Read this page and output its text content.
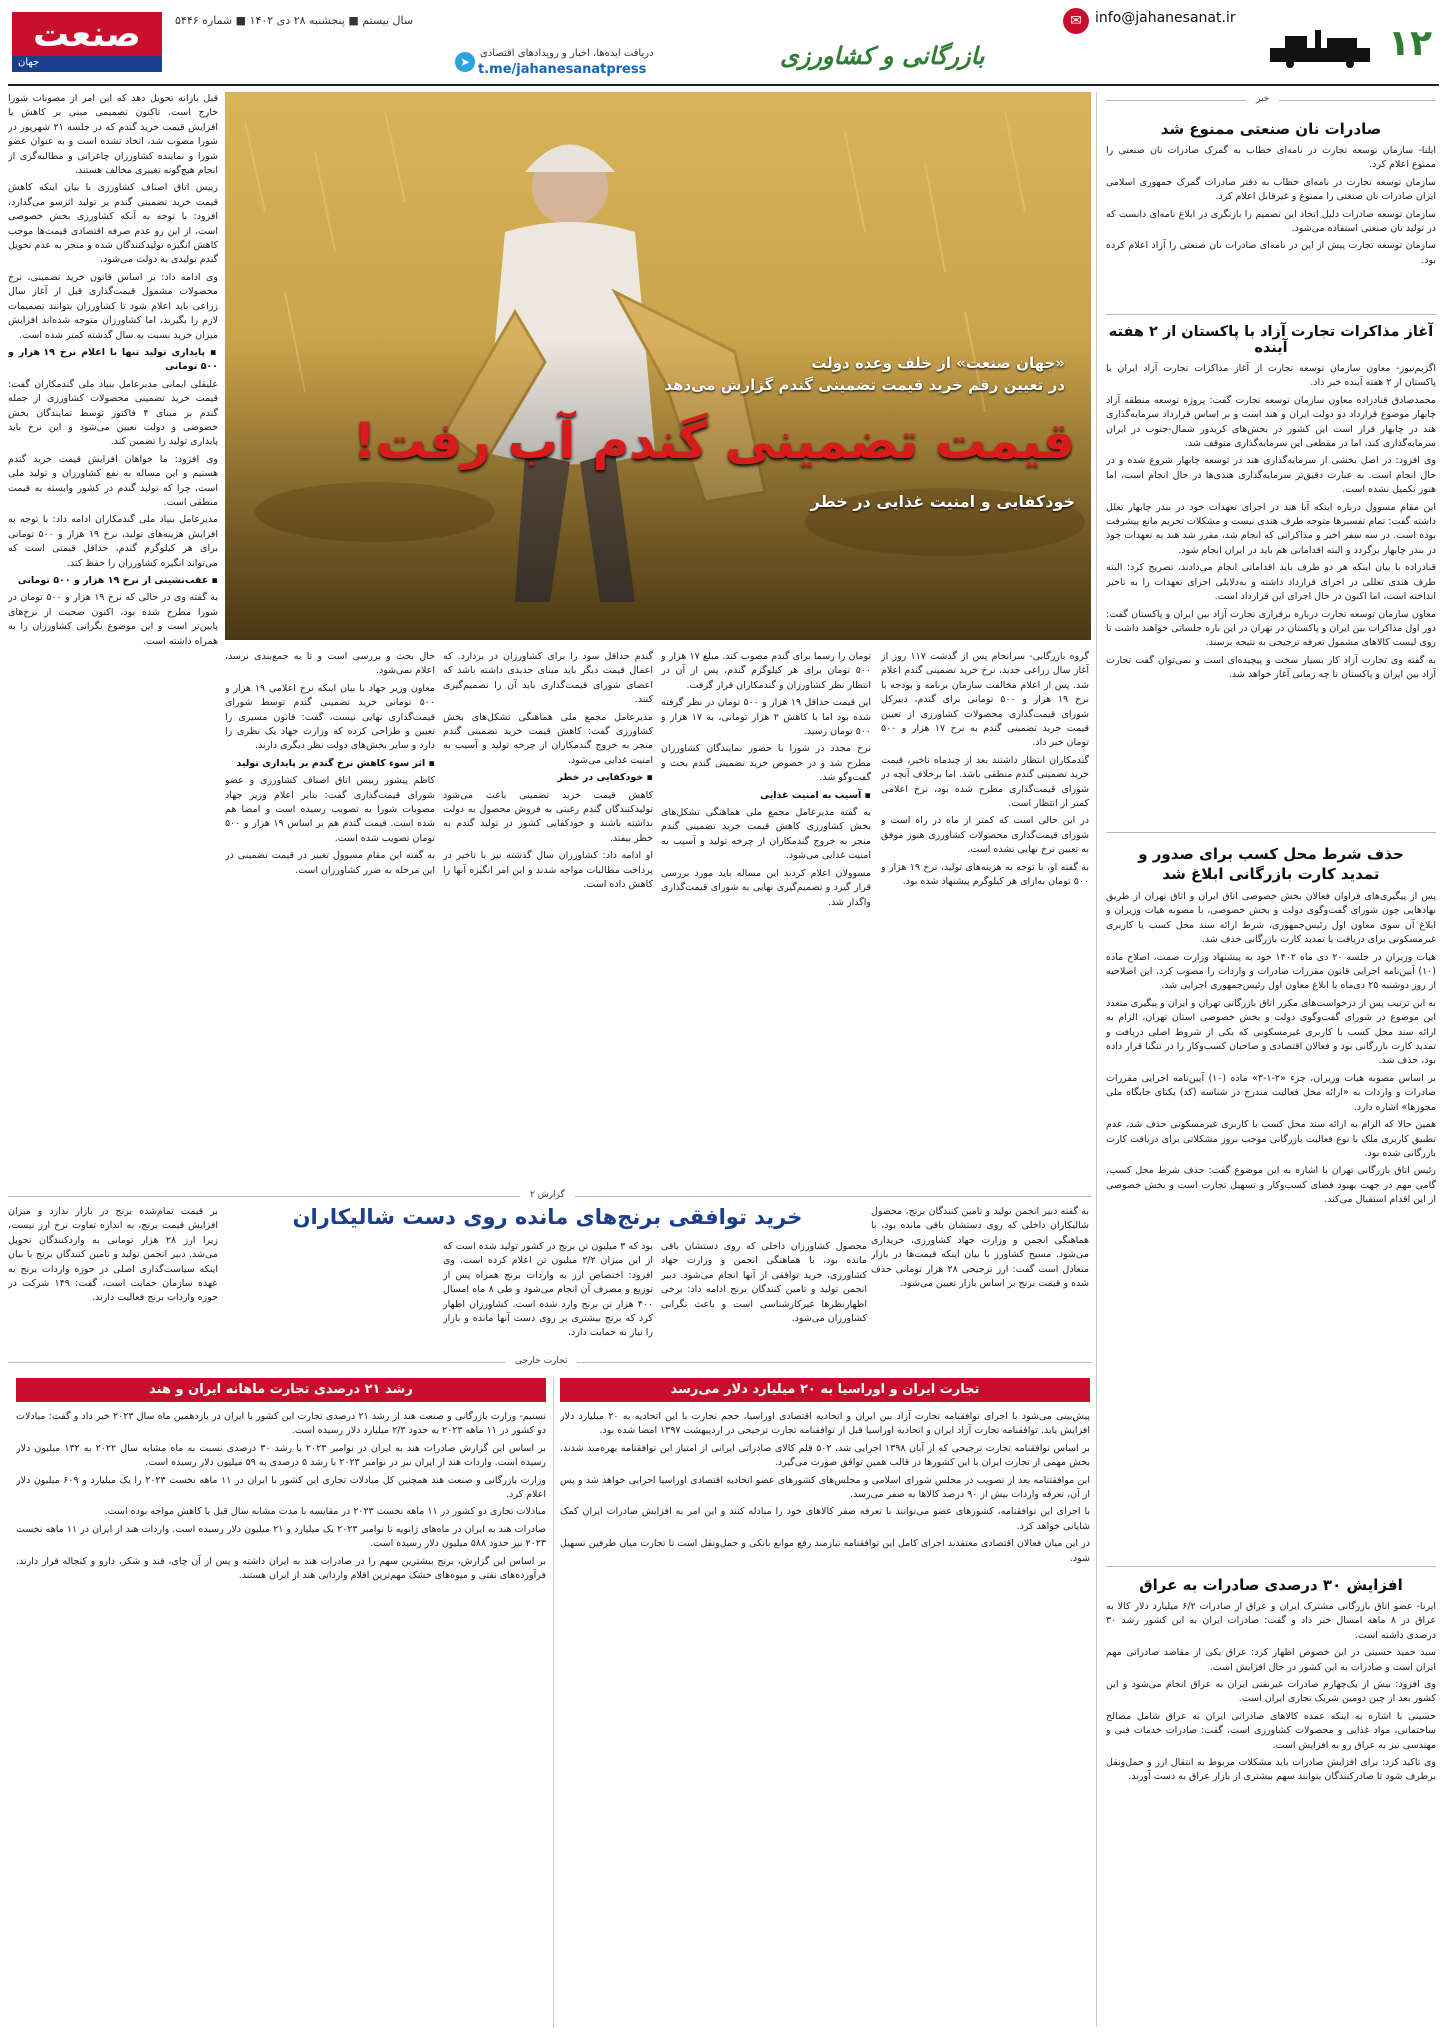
صنعت
جهان
سال بیستم ■ پنجشنبه ۲۸ دی ۱۴۰۲ ■ شماره ۵۴۴۶
دریافت ایده‌ها، اخبار و رویدادهای اقتصادی
t.me/jahanesanatpress
➤	بازرگانی و کشاورزی
✉ info@jahanesanat.ir
۱۲
خبر
صادرات نان صنعتی ممنوع شد

ایلنا- سازمان توسعه تجارت در نامه‌ای خطاب به گمرک صادرات نان صنعتی را ممنوع اعلام کرد.

سازمان توسعه تجارت در نامه‌ای خطاب به دفتر صادرات گمرک جمهوری اسلامی ایران صادرات نان صنعتی را ممنوع و غیرقابل اعلام کرد.

سازمان توسعه صادرات دلیل اتخاذ این تصمیم را بازنگری در ابلاغ نامه‌ای دانست که در تولید نان صنعتی استفاده می‌شود.

سازمان توسعه تجارت پیش از این در نامه‌ای صادرات نان صنعتی را آزاد اعلام کرده بود.

آغاز مذاکرات تجارت آزاد با پاکستان از ۲ هفته آینده

اگزیم‌نیوز- معاون سازمان توسعه تجارت از آغاز مذاکرات تجارت آزاد ایران با پاکستان از ۲ هفته آینده خبر داد.

محمدصادق قنادزاده معاون سازمان توسعه تجارت گفت: پروژه توسعه منطقه آزاد چابهار موضوع قرارداد دو دولت ایران و هند است و بر اساس قرارداد سرمایه‌گذاری هند در چابهار قرار است این کشور در بخش‌های کریدور شمال-جنوب در ایران سرمایه‌گذاری کند، اما در مقطعی این سرمایه‌گذاری متوقف شد.

وی افزود: در اصل بخشی از سرمایه‌گذاری هند در توسعه چابهار شروع شده و در حال انجام است. به عبارت دقیق‌تر سرمایه‌گذاری هندی‌ها در حال انجام است، اما هنوز تکمیل نشده است.

این مقام مسوول درباره اینکه آیا هند در اجرای تعهدات خود در بندر چابهار تعلل داشته گفت: تمام تفسیرها متوجه طرف هندی نیست و مشکلات تحریم مانع پیشرفت بوده است. در سه سفر اخیر و مذاکراتی که انجام شد، مقرر شد هند به تعهدات خود در بندر چابهار برگردد و البته اقداماتی هم باید در ایران انجام شود.

قنادزاده با بیان اینکه هر دو طرف باید اقداماتی انجام می‌دادند، تصریح کرد: البته طرف هندی تعللی در اجرای قرارداد داشته و به‌دلایلی اجرای تعهدات را به تاخیر انداخته است، اما اکنون در حال اجرای این قرارداد است.

معاون سازمان توسعه تجارت درباره برقراری تجارت آزاد بین ایران و پاکستان گفت: دور اول مذاکرات بین ایران و پاکستان در تهران در این باره جلساتی خواهند داشت تا روی لیست کالاهای مشمول تعرفه ترجیحی به نتیجه برسند.

به گفته وی تجارت آزاد کار بسیار سخت و پیچیده‌ای است و نمی‌توان گفت تجارت آزاد بین ایران و پاکستان تا چه زمانی آغاز خواهد شد.

حذف شرط محل کسب برای صدور و تمدید کارت بازرگانی ابلاغ شد

پس از پیگیری‌های فراوان فعالان بخش خصوصی اتاق ایران و اتاق تهران از طریق نهادهایی چون شورای گفت‌وگوی دولت و بخش خصوصی، با مصوبه هیات وزیران و ابلاغ آن سوی معاون اول رئیس‌جمهوری، شرط ارائه سند محل کسب یا کاربری غیرمسکونی برای دریافت یا تمدید کارت بازرگانی حذف شد.

هیات وزیران در جلسه ۲۰ دی ماه ۱۴۰۲ خود به پیشنهاد وزارت صمت، اصلاح ماده (۱۰) آیین‌نامه اجرایی قانون مقررات صادرات و واردات را مصوب کرد. این اصلاحیه از روز دوشنبه ۲۵ دی‌ماه با ابلاغ معاون اول رئیس‌جمهوری اجرایی شد.

به این ترتیب پس از درخواست‌های مکرر اتاق بازرگانی تهران و ایران و پیگیری متعدد این موضوع در شورای گفت‌وگوی دولت و بخش خصوصی استان تهران، الزام به ارائه سند محل کسب با کاربری غیرمسکونی که یکی از شروط اصلی دریافت و تمدید کارت بازرگانی بود و فعالان اقتصادی و صاحبان کسب‌وکار را در تنگنا قرار داده بود، حذف شد.

بر اساس مصوبه هیات وزیران، جزء «۲-۱-۳» ماده (۱۰) آیین‌نامه اجرایی مقررات صادرات و واردات به «ارائه محل فعالیت مندرج در شناسه (کد) یکتای جایگاه ملی مجوزها» اشاره دارد.

همین حالا که الزام به ارائه سند محل کسب با کاربری غیرمسکونی حذف شد، عدم تطبیق کاربری ملک با نوع فعالیت بازرگانی موجب بروز مشکلاتی برای دریافت کارت بازرگانی شده بود.

رئیس اتاق بازرگانی تهران با اشاره به این موضوع گفت: حذف شرط محل کسب، گامی مهم در جهت بهبود فضای کسب‌وکار و تسهیل تجارت است و بخش خصوصی از این اقدام استقبال می‌کند.

افزایش ۳۰ درصدی صادرات به عراق

ایرنا- عضو اتاق بازرگانی مشترک ایران و عراق از صادرات ۶/۲ میلیارد دلار کالا به عراق در ۸ ماهه امسال خبر داد و گفت: صادرات ایران به این کشور رشد ۳۰ درصدی داشته است.

سید حمید حسینی در این خصوص اظهار کرد: عراق یکی از مقاصد صادراتی مهم ایران است و صادرات به این کشور در حال افزایش است.

وی افزود: بیش از یک‌چهارم صادرات غیرنفتی ایران به عراق انجام می‌شود و این کشور بعد از چین دومین شریک تجاری ایران است.

حسینی با اشاره به اینکه عمده کالاهای صادراتی ایران به عراق شامل مصالح ساختمانی، مواد غذایی و محصولات کشاورزی است، گفت: صادرات خدمات فنی و مهندسی نیز به عراق رو به افزایش است.

وی تاکید کرد: برای افزایش صادرات باید مشکلات مربوط به انتقال ارز و حمل‌ونقل برطرف شود تا صادرکنندگان بتوانند سهم بیشتری از بازار عراق به دست آورند.

«جهان صنعت» از خلف وعده دولت
در تعیین رقم خرید قیمت تضمینی گندم گزارش می‌دهد
قیمت تضمینی گندم آب رفت!
خودکفایی و امنیت غذایی در خطر

قبل بازانه تحویل دهد که این امر از مصوبات شورا خارج است. تاکنون تصمیمی مبنی بر کاهش یا افزایش قیمت خرید گندم که در جلسه ۲۱ شهریور در شورا مصوب شد، اتخاذ نشده است و به عنوان عضو شورا و نماینده کشاورزان چاغرانی و مطالبه‌گری از انجام هیچ‌گونه تغییری مخالف هستند.

رییس اتاق اصناف کشاورزی با بیان اینکه کاهش قیمت خرید تضمینی گندم بر تولید اثرسو می‌گذارد، افزود: با توجه به آنکه کشاورزی بخش خصوصی است، از این رو عدم صرفه اقتصادی قیمت‌ها موجب کاهش انگیزه تولیدکنندگان شده و منجر به عدم تحویل گندم تولیدی به دولت می‌شود.

وی ادامه داد: بر اساس قانون خرید تضمینی، نرخ محصولات مشمول قیمت‌گذاری قبل از آغاز سال زراعی باید اعلام شود تا کشاورزان بتوانند تصمیمات لازم را بگیرند، اما کشاورزان متوجه شده‌اند افزایش میزان خرید نسبت به سال گذشته کمتر شده است.

▪ پایداری تولید تنها با اعلام نرخ ۱۹ هزار و ۵۰۰ تومانی

علیقلی ایمانی مدیرعامل بنیاد ملی گندمکاران گفت: قیمت خرید تضمینی محصولات کشاورزی از جمله گندم بر مبنای ۴ فاکتور توسط نمایندگان بخش خصوصی و دولت تعیین می‌شود و این نرخ باید پایداری تولید را تضمین کند.

وی افزود: ما خواهان افزایش قیمت خرید گندم هستیم و این مساله به نفع کشاورزان و تولید ملی است، چرا که تولید گندم در کشور وابسته به قیمت منطقی است.

مدیرعامل بنیاد ملی گندمکاران ادامه داد: با توجه به افزایش هزینه‌های تولید، نرخ ۱۹ هزار و ۵۰۰ تومانی برای هر کیلوگرم گندم، حداقل قیمتی است که می‌تواند انگیزه کشاورزان را حفظ کند.

▪ عقب‌نشینی از نرخ ۱۹ هزار و ۵۰۰ تومانی

به گفته وی در حالی که نرخ ۱۹ هزار و ۵۰۰ تومان در شورا مطرح شده بود، اکنون صحبت از نرخ‌های پایین‌تر است و این موضوع نگرانی کشاورزان را به همراه داشته است.

گروه بازرگانی- سرانجام پس از گذشت ۱۱۷ روز از آغاز سال زراعی جدید، نرخ خرید تضمینی گندم اعلام شد. پس از اعلام مخالفت سازمان برنامه و بودجه با نرخ ۱۹ هزار و ۵۰۰ تومانی برای گندم، دبیرکل شورای قیمت‌گذاری محصولات کشاورزی از تعیین قیمت خرید تضمینی گندم به نرخ ۱۷ هزار و ۵۰۰ تومان خبر داد.

گندمکاران انتظار داشتند بعد از چندماه تاخیر، قیمت خرید تضمینی گندم منطقی باشد. اما برخلاف آنچه در شورای قیمت‌گذاری مطرح شده بود، نرخ اعلامی کمتر از انتظار است.

در این حالی است که کمتر از ماه در راه است و شورای قیمت‌گذاری محصولات کشاورزی هنوز موفق به تعیین نرخ نهایی نشده است.

به گفته او، با توجه به هزینه‌های تولید، نرخ ۱۹ هزار و ۵۰۰ تومان به‌ازای هر کیلوگرم پیشنهاد شده بود.

تومان را رسما برای گندم مصوب کند. مبلغ ۱۷ هزار و ۵۰۰ تومان برای هر کیلوگرم گندم، پس از آن در انتظار نظر کشاورزان و گندمکاران قرار گرفت.

این قیمت حداقل ۱۹ هزار و ۵۰۰ تومان در نظر گرفته شده بود اما با کاهش ۲ هزار تومانی، به ۱۷ هزار و ۵۰۰ تومان رسید.

نرخ مجدد در شورا با حضور نمایندگان کشاورزان مطرح شد و در خصوص خرید تضمینی گندم بحث و گفت‌وگو شد.

▪ آسیب به امنیت غذایی

به گفته مدیرعامل مجمع ملی هماهنگی تشکل‌های بخش کشاورزی کاهش قیمت خرید تضمینی گندم منجر به خروج گندمکاران از چرخه تولید و آسیب به امنیت غذایی می‌شود.

مسوولان اعلام کردند این مساله باید مورد بررسی قرار گیرد و تصمیم‌گیری نهایی به شورای قیمت‌گذاری واگذار شد.

گندم حداقل سود را برای کشاورزان در بردارد. که اعمال قیمت دیگر باید مبنای جدیدی داشته باشد که اعضای شورای قیمت‌گذاری باید آن را تصمیم‌گیری کنند.

مدیرعامل مجمع ملی هماهنگی تشکل‌های بخش کشاورزی گفت: کاهش قیمت خرید تضمینی گندم منجر به خروج گندمکاران از چرخه تولید و آسیب به امنیت غذایی می‌شود.

▪ خودکفایی در خطر

کاهش قیمت خرید تضمینی باعث می‌شود تولیدکنندگان گندم رغبتی به فروش محصول به دولت نداشته باشند و خودکفایی کشور در تولید گندم به خطر بیفتد.

او ادامه داد: کشاورزان سال گذشته نیز با تاخیر در پرداخت مطالبات مواجه شدند و این امر انگیزه آنها را کاهش داده است.

حال بحث و بررسی است و تا به جمع‌بندی نرسد، اعلام نمی‌شود.

معاون وزیر جهاد با بیان اینکه نرخ اعلامی ۱۹ هزار و ۵۰۰ تومانی خرید تضمینی گندم توسط شورای قیمت‌گذاری نهایی نیست، گفت: قانون مسیری را تعیین و طراحی کرده که وزارت جهاد یک نظری را دارد و سایر بخش‌های دولت نظر دیگری دارند.

▪ اثر سوء کاهش نرخ گندم بر پایداری تولید

کاظم پیشور رییس اتاق اصناف کشاورزی و عضو شورای قیمت‌گذاری گفت: بنابر اعلام وزیر جهاد مصوبات شورا به تصویب رسیده است و امضا هم شده است. قیمت گندم هم بر اساس ۱۹ هزار و ۵۰۰ تومان تصویب شده است.

به گفته این مقام مسوول تغییر در قیمت تضمینی در این مرحله به ضرر کشاورزان است.

گزارش ۲
خرید توافقی برنج‌های مانده روی دست شالیکاران	به گفته دبیر انجمن تولید و تامین کنندگان برنج، محصول شالیکاران داخلی که روی دستشان باقی مانده بود، با هماهنگی انجمن و وزارت جهاد کشاورزی، خریداری می‌شود. مسیح کشاورز با بیان اینکه قیمت‌ها در بازار متعادل است گفت: ارز ترجیحی ۲۸ هزار تومانی حذف شده و قیمت برنج بر اساس بازار تعیین می‌شود.

محصول کشاورزان داخلی که روی دستشان باقی مانده بود، با هماهنگی انجمن و وزارت جهاد کشاورزی، خرید توافقی از آنها انجام می‌شود. دبیر انجمن تولید و تامین کنندگان برنج ادامه داد: برخی اظهارنظرها غیرکارشناسی است و باعث نگرانی کشاورزان می‌شود.

بود که ۳ میلیون تن برنج در کشور تولید شده است که از این میزان ۲/۲ میلیون تن اعلام کرده است. وی افزود: اختصاص ارز به واردات برنج همراه پس از توزیع و مصرف آن انجام می‌شود و طی ۸ ماه امسال ۴۰۰ هزار تن برنج وارد شده است. کشاورزان اظهار کرد که برنج بیشتری بر روی دست آنها مانده و بازار را نیاز به حمایت دارد.

بر قیمت تمام‌شده برنج در بازار ندارد و میزان افزایش قیمت برنج، به اندازه تفاوت نرخ ارز نیست، زیرا ارز ۲۸ هزار تومانی به واردکنندگان تحویل می‌شد. دبیر انجمن تولید و تامین کنندگان برنج با بیان اینکه سیاست‌گذاری اصلی در حوزه واردات برنج به عهده سازمان حمایت است، گفت: ۱۴۹ شرکت در حوزه واردات برنج فعالیت دارند.

تجارت خارجی
تجارت ایران و اوراسیا به ۲۰ میلیارد دلار می‌رسد

پیش‌بینی می‌شود با اجرای توافقنامه تجارت آزاد بین ایران و اتحادیه اقتصادی اوراسیا، حجم تجارت با این اتحادیه به ۲۰ میلیارد دلار افزایش یابد. توافقنامه تجارت آزاد ایران و اتحادیه اوراسیا قبل از توافقنامه تجارت ترجیحی در اردیبهشت ۱۳۹۷ امضا شده بود.

بر اساس توافقنامه تجارت ترجیحی که از آبان ۱۳۹۸ اجرایی شد، ۵۰۲ قلم کالای صادراتی ایرانی از امتیاز این توافقنامه بهره‌مند شدند. بخش مهمی از تجارت ایران با این کشورها در قالب همین توافق صورت می‌گیرد.

این موافقتنامه بعد از تصویب در مجلس شورای اسلامی و مجلس‌های کشورهای عضو اتحادیه اقتصادی اوراسیا اجرایی خواهد شد و پس از آن، تعرفه واردات بیش از ۹۰ درصد کالاها به صفر می‌رسد.

با اجرای این توافقنامه، کشورهای عضو می‌توانند با تعرفه صفر کالاهای خود را مبادله کنند و این امر به افزایش صادرات ایران کمک شایانی خواهد کرد.

در این میان فعالان اقتصادی معتقدند اجرای کامل این توافقنامه نیازمند رفع موانع بانکی و حمل‌ونقل است تا تجارت میان طرفین تسهیل شود.

رشد ۲۱ درصدی تجارت ماهانه ایران و هند

تسنیم- وزارت بازرگانی و صنعت هند از رشد ۲۱ درصدی تجارت این کشور با ایران در یازدهمین ماه سال ۲۰۲۳ خبر داد و گفت: مبادلات دو کشور در ۱۱ ماهه ۲۰۲۳ به حدود ۲/۳ میلیارد دلار رسیده است.

بر اساس این گزارش صادرات هند به ایران در نوامبر ۲۰۲۳ با رشد ۳۰ درصدی نسبت به ماه مشابه سال ۲۰۲۲ به ۱۳۲ میلیون دلار رسیده است. واردات هند از ایران نیز در نوامبر ۲۰۲۳ با رشد ۵ درصدی به ۵۹ میلیون دلار رسیده است.

وزارت بازرگانی و صنعت هند همچنین کل مبادلات تجاری این کشور با ایران در ۱۱ ماهه نخست ۲۰۲۳ را یک میلیارد و ۶۰۹ میلیون دلار اعلام کرد.

مبادلات تجاری دو کشور در ۱۱ ماهه نخست ۲۰۲۳ در مقایسه با مدت مشابه سال قبل با کاهش مواجه بوده است.

صادرات هند به ایران در ماه‌های ژانویه تا نوامبر ۲۰۲۳ یک میلیارد و ۲۱ میلیون دلار رسیده است. واردات هند از ایران در ۱۱ ماهه نخست ۲۰۲۳ نیز حدود ۵۸۸ میلیون دلار رسیده است.

بر اساس این گزارش، برنج بیشترین سهم را در صادرات هند به ایران داشته و پس از آن چای، قند و شکر، دارو و کنجاله قرار دارند. فرآورده‌های نفتی و میوه‌های خشک مهم‌ترین اقلام وارداتی هند از ایران هستند.
